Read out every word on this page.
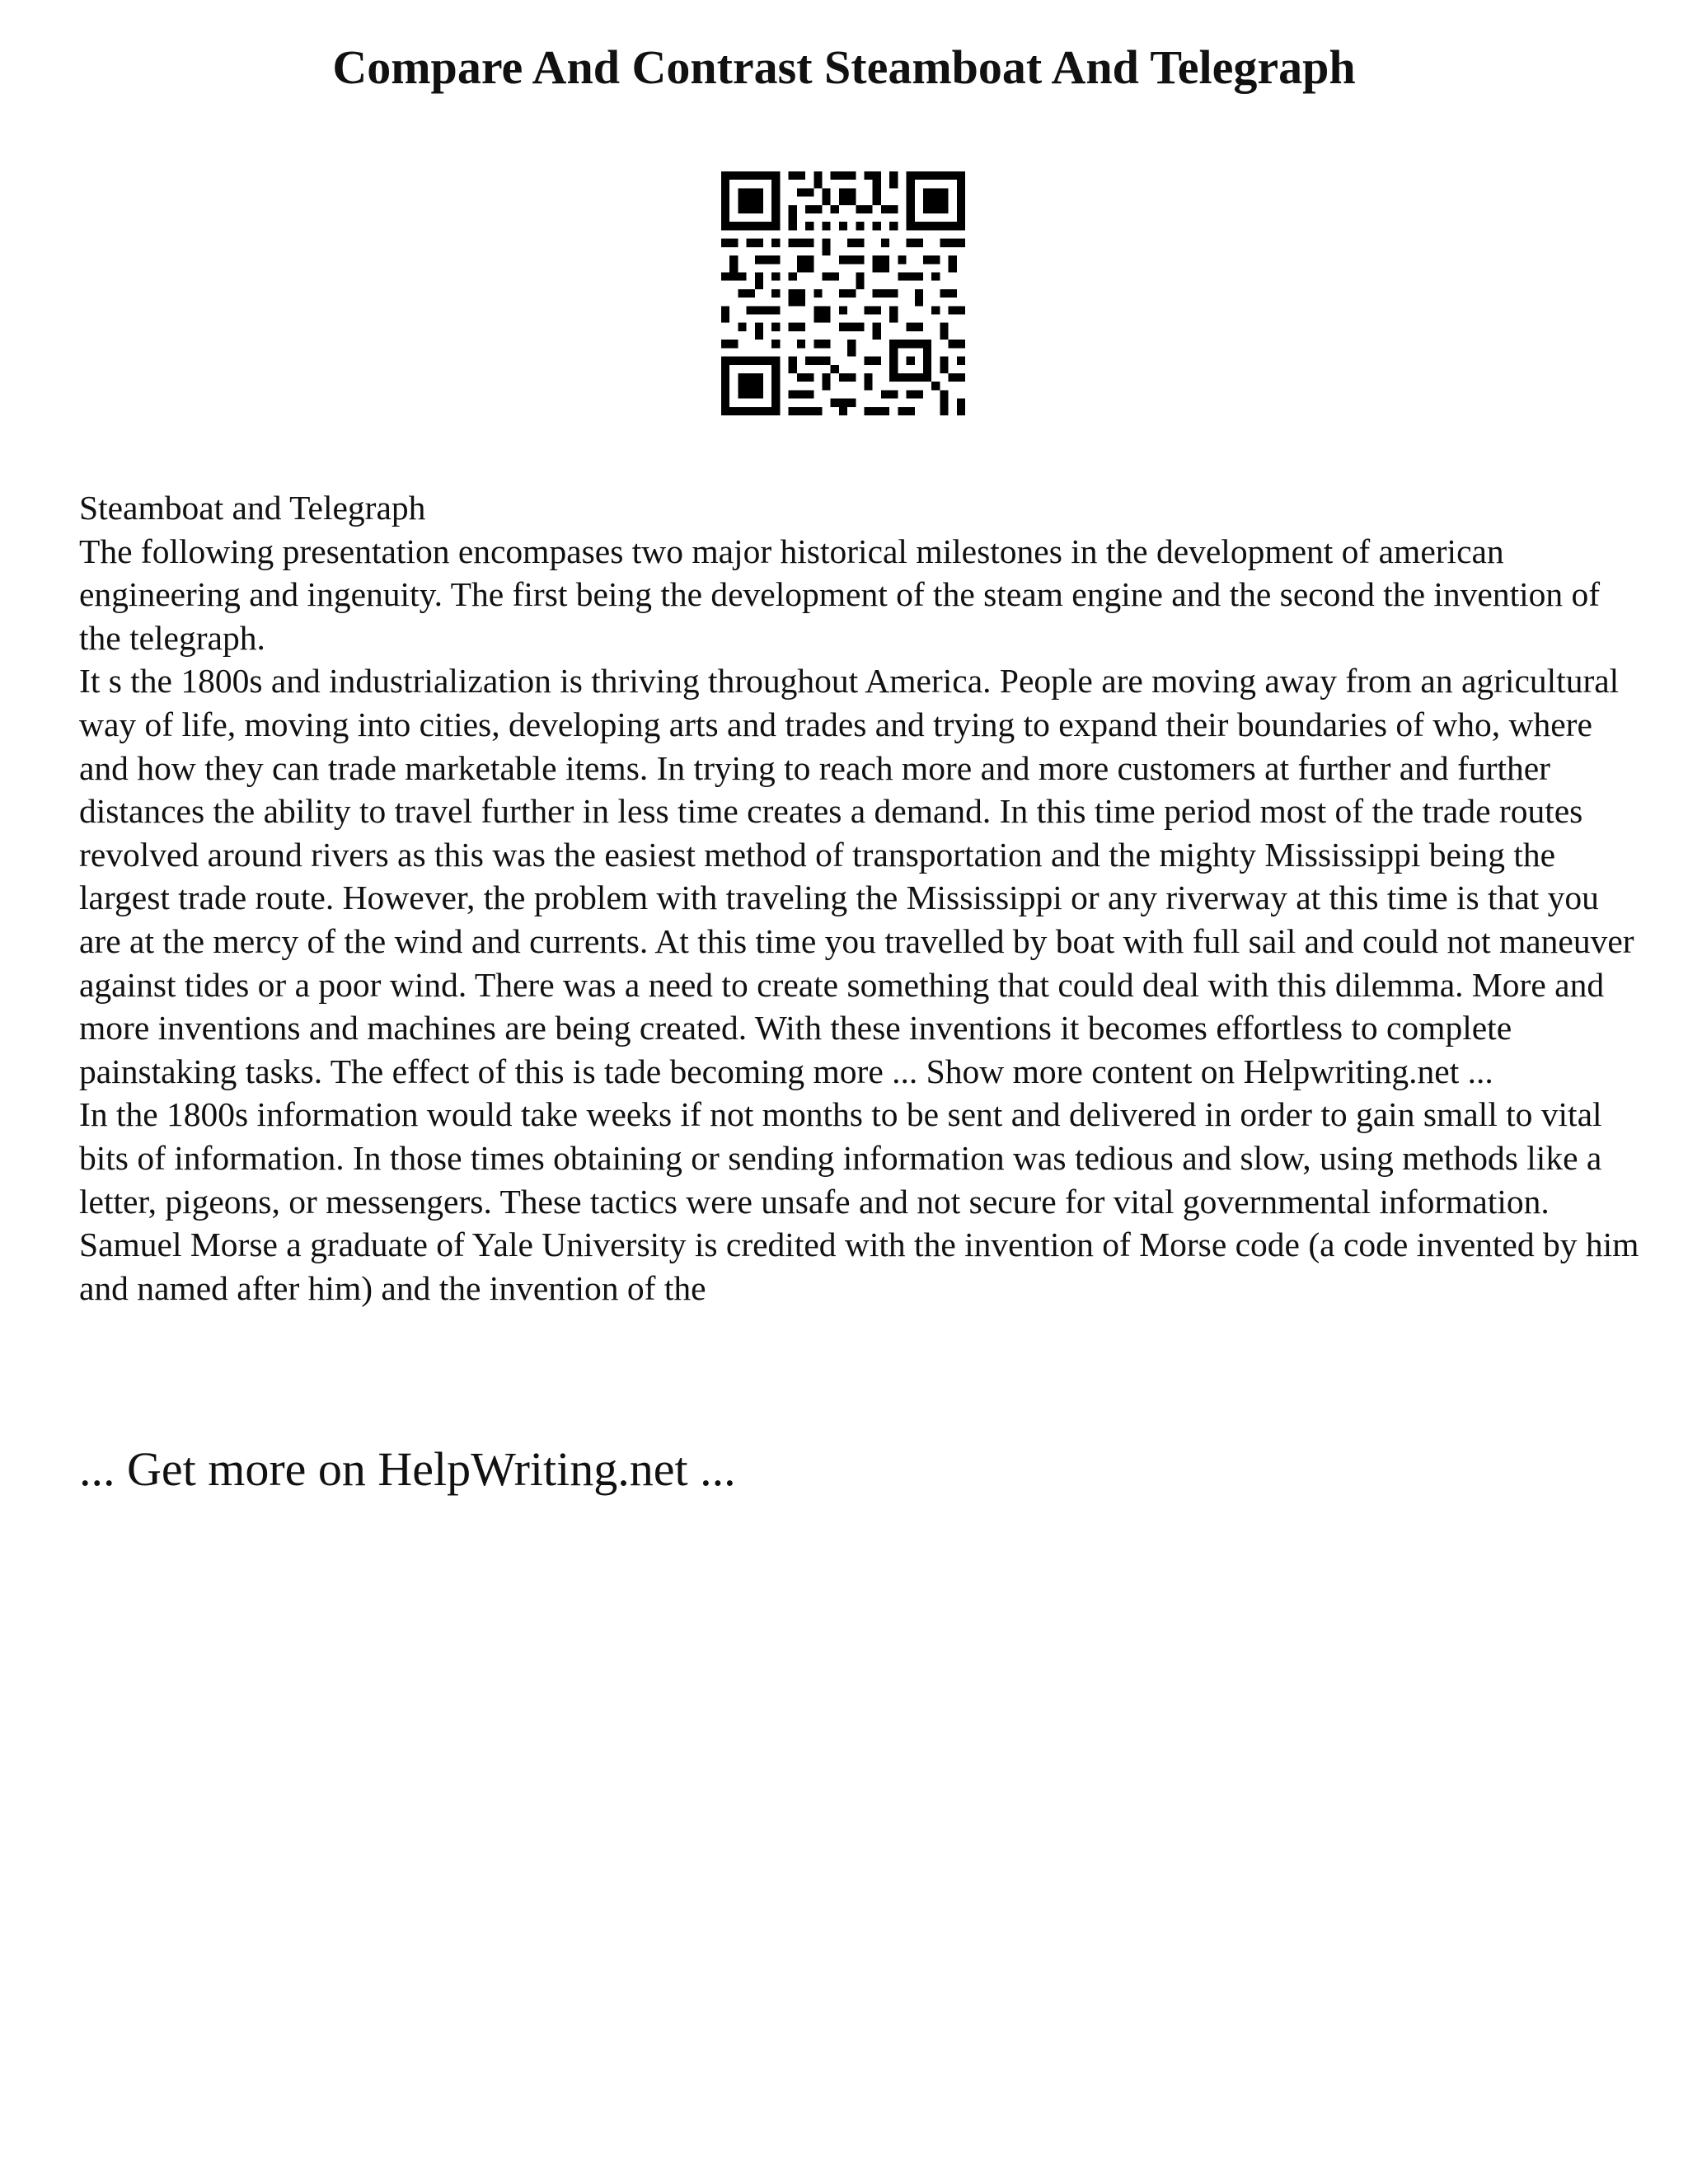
Compare And Contrast Steamboat And Telegraph

Steamboat and Telegraph

The following presentation encompases two major historical milestones in the development of american engineering and ingenuity. The first being the development of the steam engine and the second the invention of the telegraph.

It s the 1800s and industrialization is thriving throughout America. People are moving away from an agricultural way of life, moving into cities, developing arts and trades and trying to expand their boundaries of who, where and how they can trade marketable items. In trying to reach more and more customers at further and further distances the ability to travel further in less time creates a demand. In this time period most of the trade routes revolved around rivers as this was the easiest method of transportation and the mighty Mississippi being the largest trade route. However, the problem with traveling the Mississippi or any riverway at this time is that you are at the mercy of the wind and currents. At this time you travelled by boat with full sail and could not maneuver against tides or a poor wind. There was a need to create something that could deal with this dilemma. More and more inventions and machines are being created. With these inventions it becomes effortless to complete painstaking tasks. The effect of this is tade becoming more ... Show more content on Helpwriting.net ...

In the 1800s information would take weeks if not months to be sent and delivered in order to gain small to vital bits of information. In those times obtaining or sending information was tedious and slow, using methods like a letter, pigeons, or messengers. These tactics were unsafe and not secure for vital governmental information. Samuel Morse a graduate of Yale University is credited with the invention of Morse code (a code invented by him and named after him) and the invention of the

... Get more on HelpWriting.net ...
